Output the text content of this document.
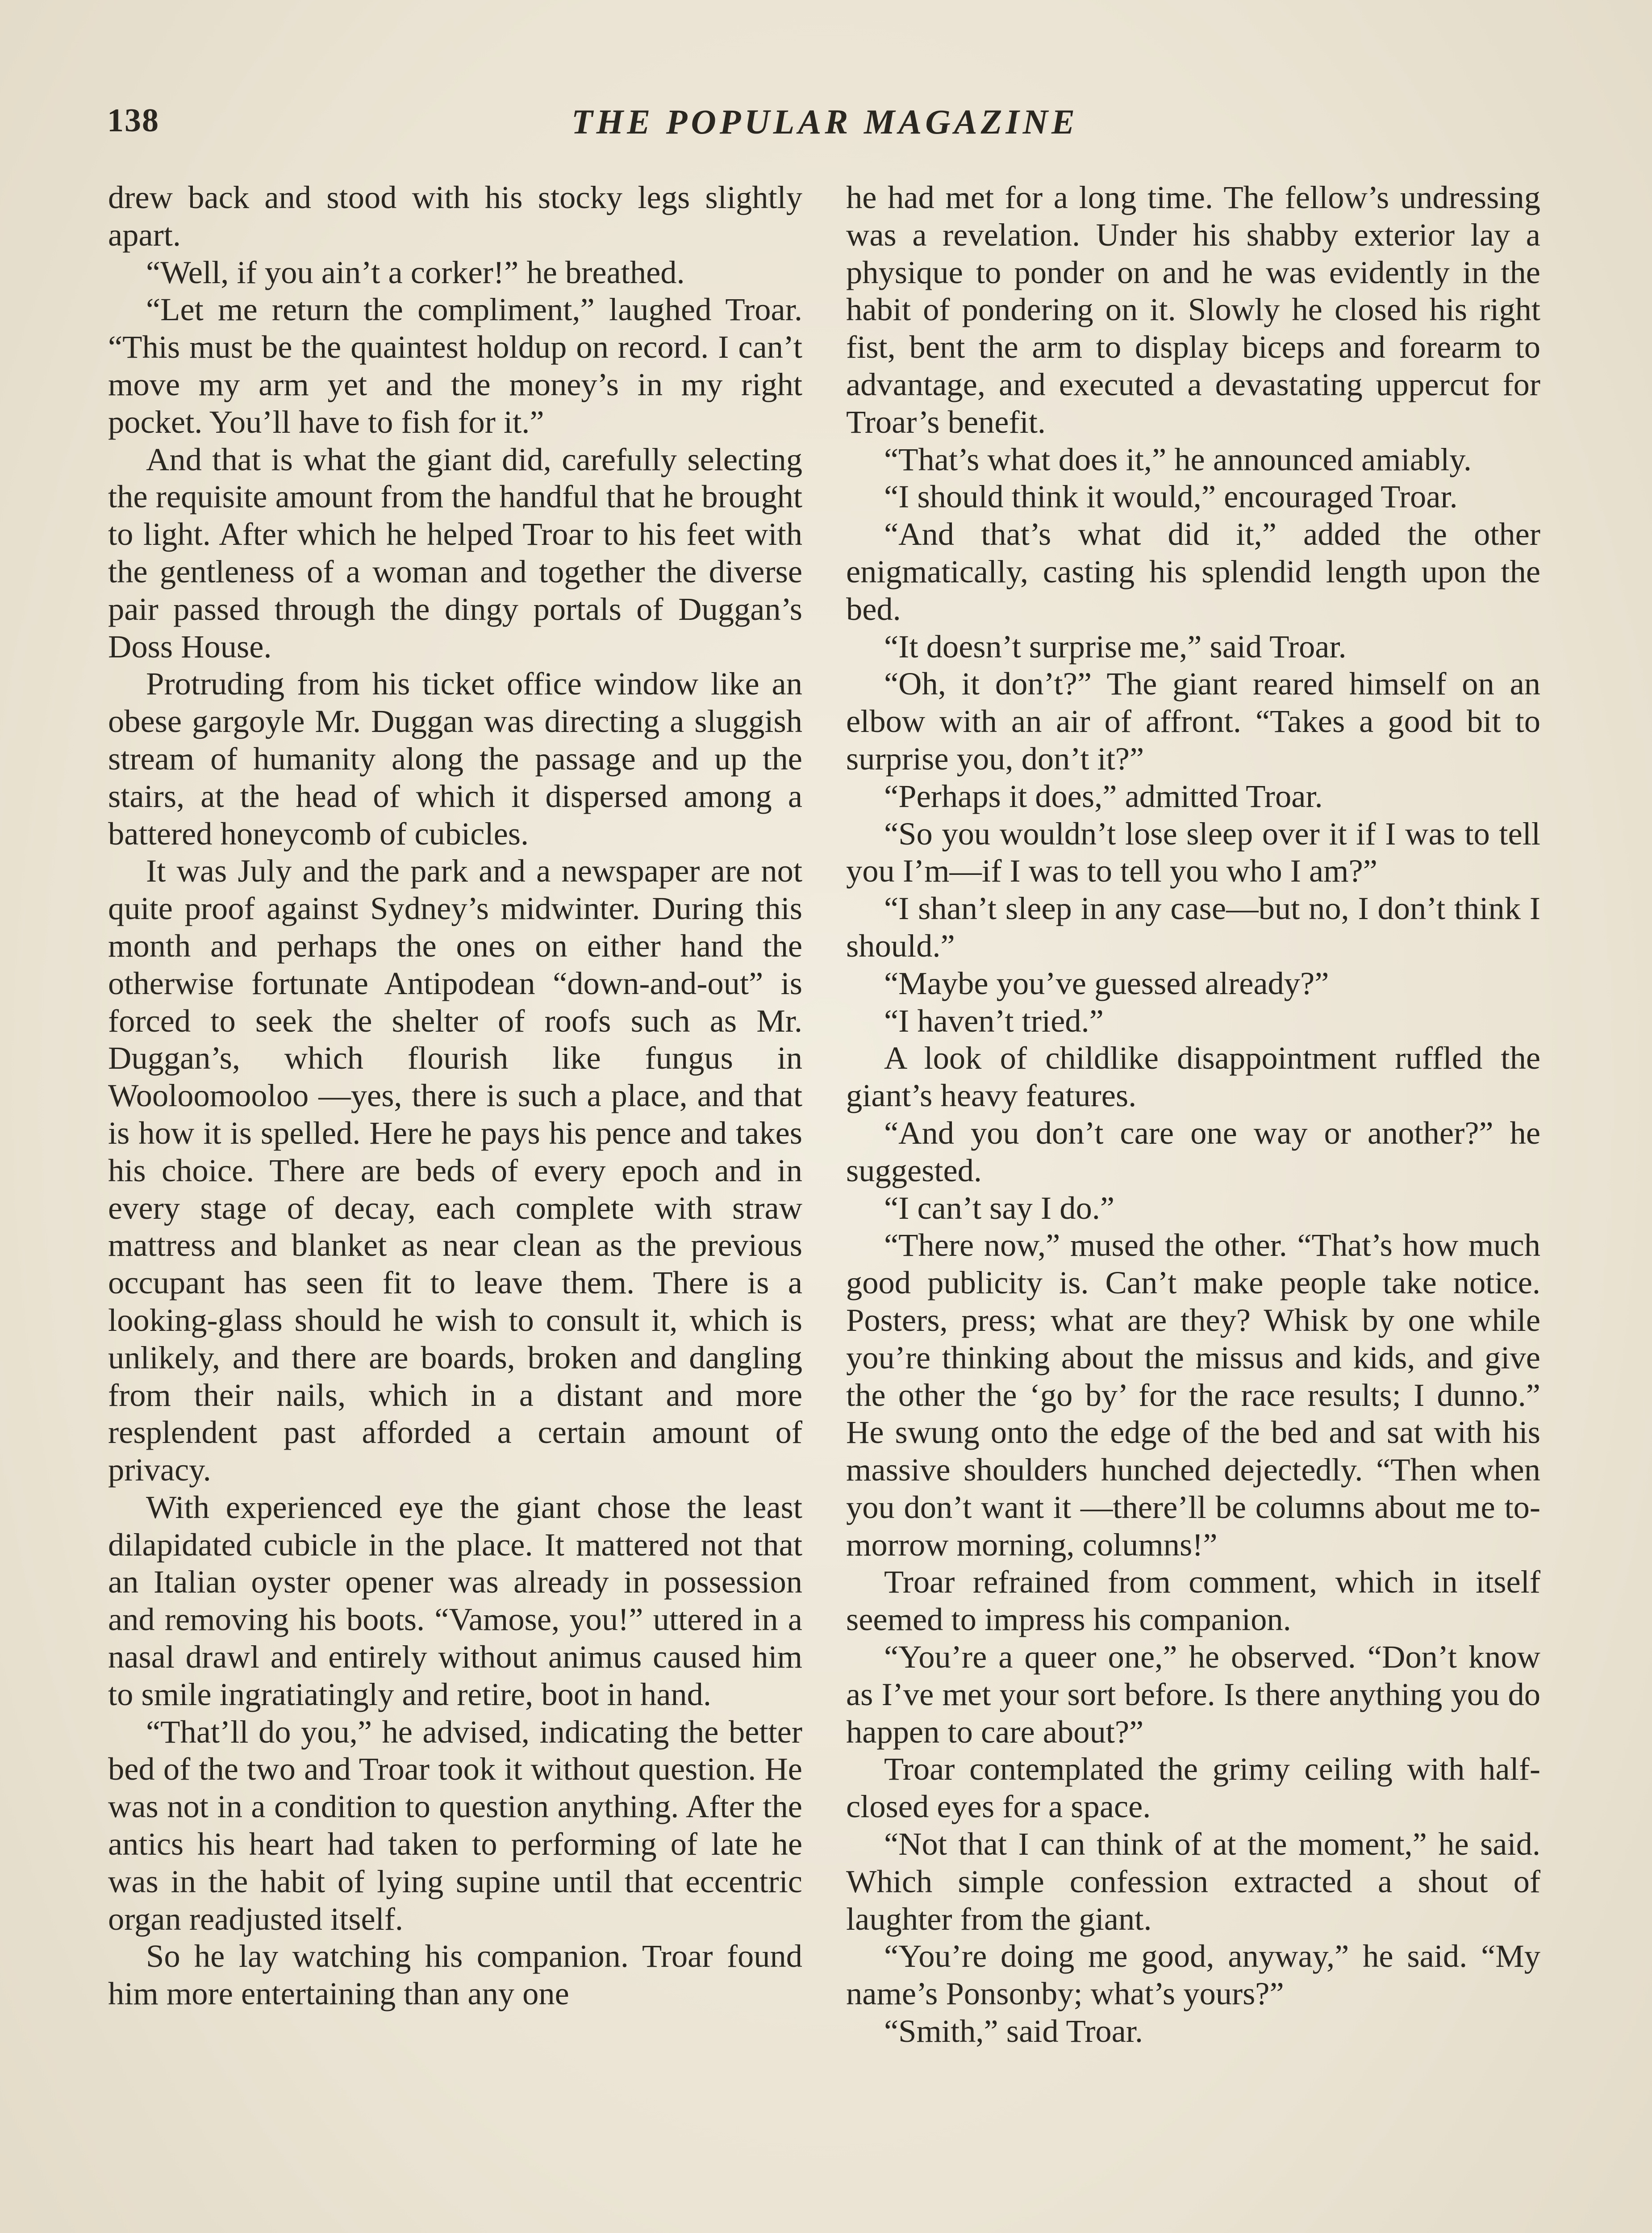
138	THE POPULAR MAGAZINE

drew back and stood with his stocky legs slightly apart.

“Well, if you ain’t a corker!” he breathed.

“Let me return the compliment,” laughed Troar. “This must be the quaintest holdup on record. I can’t move my arm yet and the money’s in my right pocket. You’ll have to fish for it.”

And that is what the giant did, carefully selecting the requisite amount from the handful that he brought to light. After which he helped Troar to his feet with the gentleness of a woman and together the diverse pair passed through the dingy portals of Duggan’s Doss House.

Protruding from his ticket office window like an obese gargoyle Mr. Duggan was directing a sluggish stream of humanity along the passage and up the stairs, at the head of which it dispersed among a battered honeycomb of cubicles.

It was July and the park and a newspaper are not quite proof against Sydney’s midwinter. During this month and perhaps the ones on either hand the otherwise fortunate Antipodean “down-and-out” is forced to seek the shelter of roofs such as Mr. Duggan’s, which flourish like fungus in Wooloomooloo —yes, there is such a place, and that is how it is spelled. Here he pays his pence and takes his choice. There are beds of every epoch and in every stage of decay, each complete with straw mattress and blanket as near clean as the previous occupant has seen fit to leave them. There is a looking-glass should he wish to consult it, which is unlikely, and there are boards, broken and dangling from their nails, which in a distant and more resplendent past afforded a certain amount of privacy.

With experienced eye the giant chose the least dilapidated cubicle in the place. It mattered not that an Italian oyster opener was already in possession and removing his boots. “Vamose, you!” uttered in a nasal drawl and entirely without animus caused him to smile ingratiatingly and retire, boot in hand.

“That’ll do you,” he advised, indicating the better bed of the two and Troar took it without question. He was not in a condition to question anything. After the antics his heart had taken to performing of late he was in the habit of lying supine until that eccentric organ readjusted itself.

So he lay watching his companion. Troar found him more entertaining than any one

he had met for a long time. The fellow’s undressing was a revelation. Under his shabby exterior lay a physique to ponder on and he was evidently in the habit of pondering on it. Slowly he closed his right fist, bent the arm to display biceps and forearm to advantage, and executed a devastating uppercut for Troar’s benefit.

“That’s what does it,” he announced amiably.

“I should think it would,” encouraged Troar.

“And that’s what did it,” added the other enigmatically, casting his splendid length upon the bed.

“It doesn’t surprise me,” said Troar.

“Oh, it don’t?” The giant reared himself on an elbow with an air of affront. “Takes a good bit to surprise you, don’t it?”

“Perhaps it does,” admitted Troar.

“So you wouldn’t lose sleep over it if I was to tell you I’m—if I was to tell you who I am?”

“I shan’t sleep in any case—but no, I don’t think I should.”

“Maybe you’ve guessed already?”

“I haven’t tried.”

A look of childlike disappointment ruffled the giant’s heavy features.

“And you don’t care one way or another?” he suggested.

“I can’t say I do.”

“There now,” mused the other. “That’s how much good publicity is. Can’t make people take notice. Posters, press; what are they? Whisk by one while you’re thinking about the missus and kids, and give the other the ‘go by’ for the race results; I dunno.” He swung onto the edge of the bed and sat with his massive shoulders hunched dejectedly. “Then when you don’t want it —there’ll be columns about me to-morrow morning, columns!”

Troar refrained from comment, which in itself seemed to impress his companion.

“You’re a queer one,” he observed. “Don’t know as I’ve met your sort before. Is there anything you do happen to care about?”

Troar contemplated the grimy ceiling with half-closed eyes for a space.

“Not that I can think of at the moment,” he said. Which simple confession extracted a shout of laughter from the giant.

“You’re doing me good, anyway,” he said. “My name’s Ponsonby; what’s yours?”

“Smith,” said Troar.
